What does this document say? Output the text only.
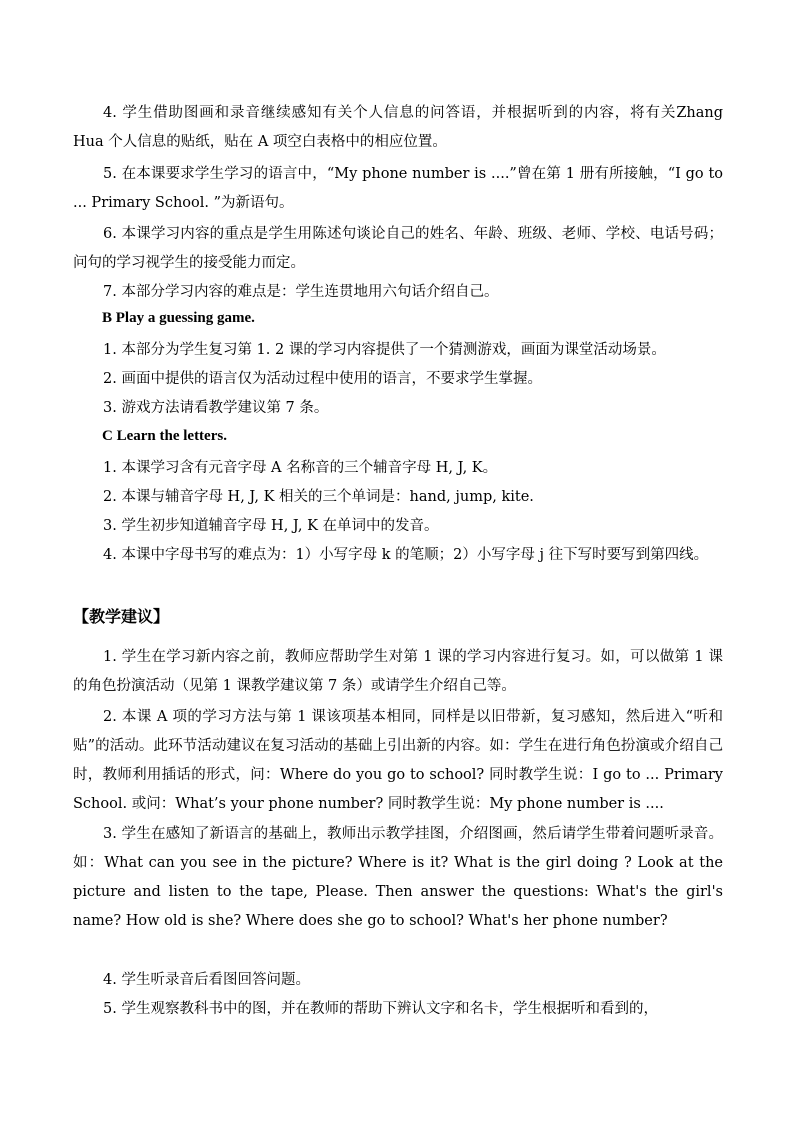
4. 学生借助图画和录音继续感知有关个人信息的问答语，并根据听到的内容，将有关Zhang Hua 个人信息的贴纸，贴在 A 项空白表格中的相应位置。
5. 在本课要求学生学习的语言中，“My phone number is ....”曾在第 1 册有所接触，“I go to ... Primary School. ”为新语句。
6. 本课学习内容的重点是学生用陈述句谈论自己的姓名、年龄、班级、老师、学校、电话号码；问句的学习视学生的接受能力而定。
7. 本部分学习内容的难点是：学生连贯地用六句话介绍自己。
B Play a guessing game.
1. 本部分为学生复习第 1. 2 课的学习内容提供了一个猜测游戏，画面为课堂活动场景。
2. 画面中提供的语言仅为活动过程中使用的语言，不要求学生掌握。
3. 游戏方法请看教学建议第 7 条。
C Learn the letters.
1. 本课学习含有元音字母 A 名称音的三个辅音字母 H, J, K。
2. 本课与辅音字母 H, J, K 相关的三个单词是：hand, jump, kite.
3. 学生初步知道辅音字母 H, J, K 在单词中的发音。
4. 本课中字母书写的难点为：1）小写字母 k 的笔顺；2）小写字母 j 往下写时要写到第四线。
【教学建议】
1. 学生在学习新内容之前，教师应帮助学生对第 1 课的学习内容进行复习。如，可以做第 1 课的角色扮演活动（见第 1 课教学建议第 7 条）或请学生介绍自己等。
2. 本课 A 项的学习方法与第 1 课该项基本相同，同样是以旧带新，复习感知，然后进入“听和贴”的活动。此环节活动建议在复习活动的基础上引出新的内容。如：学生在进行角色扮演或介绍自己时，教师利用插话的形式，问：Where do you go to school? 同时教学生说：I go to ... Primary School. 或问：What’s your phone number? 同时教学生说：My phone number is ....
3. 学生在感知了新语言的基础上，教师出示教学挂图，介绍图画，然后请学生带着问题听录音。如：What can you see in the picture? Where is it? What is the girl doing ? Look at the picture and listen to the tape, Please. Then answer the questions: What's the girl's name? How old is she? Where does she go to school? What's her phone number?
4. 学生听录音后看图回答问题。
5. 学生观察教科书中的图，并在教师的帮助下辨认文字和名卡，学生根据听和看到的，
